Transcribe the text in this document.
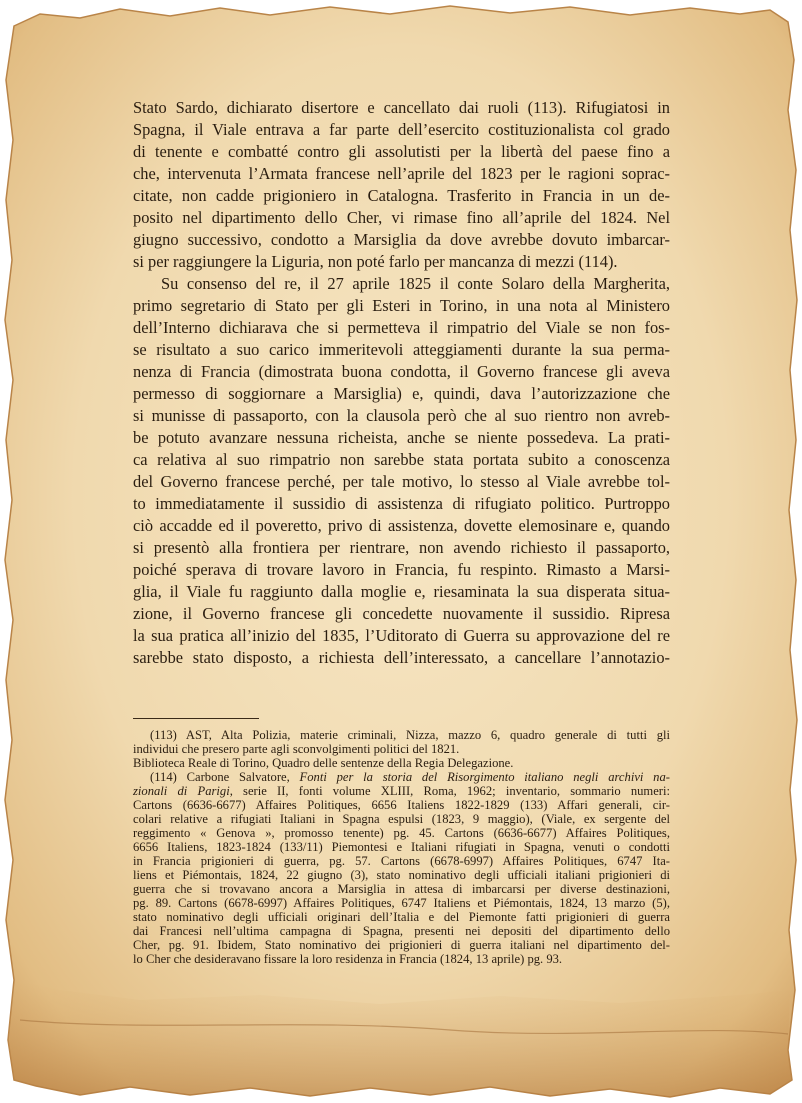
Stato Sardo, dichiarato disertore e cancellato dai ruoli (113). Rifugiatosi in
Spagna, il Viale entrava a far parte dell’esercito costituzionalista col grado
di tenente e combatté contro gli assolutisti per la libertà del paese fino a
che, intervenuta l’Armata francese nell’aprile del 1823 per le ragioni soprac-
citate, non cadde prigioniero in Catalogna. Trasferito in Francia in un de-
posito nel dipartimento dello Cher, vi rimase fino all’aprile del 1824. Nel
giugno successivo, condotto a Marsiglia da dove avrebbe dovuto imbarcar-
si per raggiungere la Liguria, non poté farlo per mancanza di mezzi (114).
Su consenso del re, il 27 aprile 1825 il conte Solaro della Margherita,
primo segretario di Stato per gli Esteri in Torino, in una nota al Ministero
dell’Interno dichiarava che si permetteva il rimpatrio del Viale se non fos-
se risultato a suo carico immeritevoli atteggiamenti durante la sua perma-
nenza di Francia (dimostrata buona condotta, il Governo francese gli aveva
permesso di soggiornare a Marsiglia) e, quindi, dava l’autorizzazione che
si munisse di passaporto, con la clausola però che al suo rientro non avreb-
be potuto avanzare nessuna richeista, anche se niente possedeva. La prati-
ca relativa al suo rimpatrio non sarebbe stata portata subito a conoscenza
del Governo francese perché, per tale motivo, lo stesso al Viale avrebbe tol-
to immediatamente il sussidio di assistenza di rifugiato politico. Purtroppo
ciò accadde ed il poveretto, privo di assistenza, dovette elemosinare e, quando
si presentò alla frontiera per rientrare, non avendo richiesto il passaporto,
poiché sperava di trovare lavoro in Francia, fu respinto. Rimasto a Marsi-
glia, il Viale fu raggiunto dalla moglie e, riesaminata la sua disperata situa-
zione, il Governo francese gli concedette nuovamente il sussidio. Ripresa
la sua pratica all’inizio del 1835, l’Uditorato di Guerra su approvazione del re
sarebbe stato disposto, a richiesta dell’interessato, a cancellare l’annotazio-
(113) AST, Alta Polizia, materie criminali, Nizza, mazzo 6, quadro generale di tutti gli
individui che presero parte agli sconvolgimenti politici del 1821.
Biblioteca Reale di Torino, Quadro delle sentenze della Regia Delegazione.
(114) Carbone Salvatore, Fonti per la storia del Risorgimento italiano negli archivi na-
zionali di Parigi, serie II, fonti volume XLIII, Roma, 1962; inventario, sommario numeri:
Cartons (6636-6677) Affaires Politiques, 6656 Italiens 1822-1829 (133) Affari generali, cir-
colari relative a rifugiati Italiani in Spagna espulsi (1823, 9 maggio), (Viale, ex sergente del
reggimento « Genova », promosso tenente) pg. 45. Cartons (6636-6677) Affaires Politiques,
6656 Italiens, 1823-1824 (133/11) Piemontesi e Italiani rifugiati in Spagna, venuti o condotti
in Francia prigionieri di guerra, pg. 57. Cartons (6678-6997) Affaires Politiques, 6747 Ita-
liens et Piémontais, 1824, 22 giugno (3), stato nominativo degli ufficiali italiani prigionieri di
guerra che si trovavano ancora a Marsiglia in attesa di imbarcarsi per diverse destinazioni,
pg. 89. Cartons (6678-6997) Affaires Politiques, 6747 Italiens et Piémontais, 1824, 13 marzo (5),
stato nominativo degli ufficiali originari dell’Italia e del Piemonte fatti prigionieri di guerra
dai Francesi nell’ultima campagna di Spagna, presenti nei depositi del dipartimento dello
Cher, pg. 91. Ibidem, Stato nominativo dei prigionieri di guerra italiani nel dipartimento del-
lo Cher che desideravano fissare la loro residenza in Francia (1824, 13 aprile) pg. 93.
